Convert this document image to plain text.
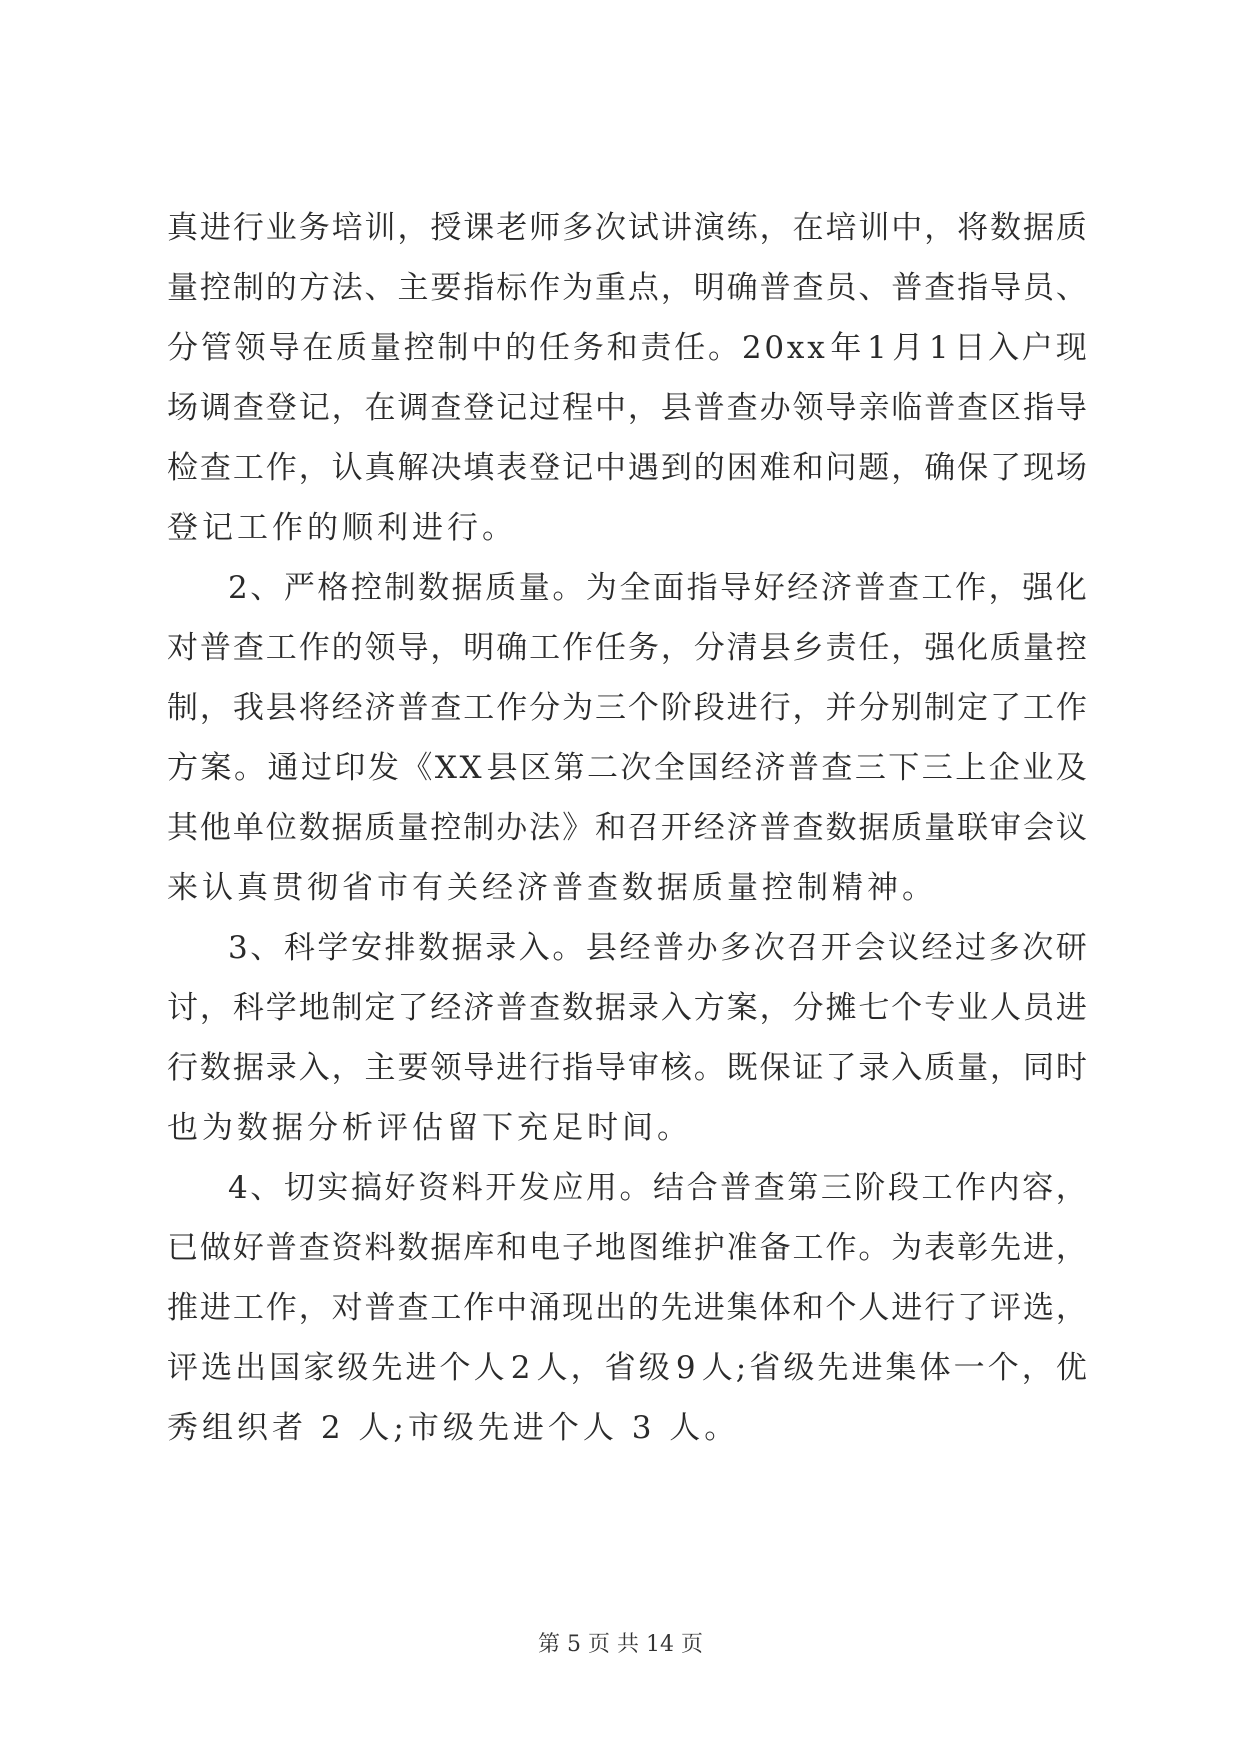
真 进 行 业 务 培 训 ， 授 课 老 师 多 次 试 讲 演 练 ， 在 培 训 中 ， 将 数 据 质
量 控 制 的 方 法 、 主 要 指 标 作 为 重 点 ， 明 确 普 查 员 、 普 查 指 导 员 、
分 管 领 导 在 质 量 控 制 中 的 任 务 和 责 任 。 2 0 x x 年 1 月 1 日 入 户 现
场 调 查 登 记 ， 在 调 查 登 记 过 程 中 ， 县 普 查 办 领 导 亲 临 普 查 区 指 导
检 查 工 作 ， 认 真 解 决 填 表 登 记 中 遇 到 的 困 难 和 问 题 ， 确 保 了 现 场
登记工作的顺利进行。
2 、 严 格 控 制 数 据 质 量 。 为 全 面 指 导 好 经 济 普 查 工 作 ， 强 化
对 普 查 工 作 的 领 导 ， 明 确 工 作 任 务 ， 分 清 县 乡 责 任 ， 强 化 质 量 控
制 ， 我 县 将 经 济 普 查 工 作 分 为 三 个 阶 段 进 行 ， 并 分 别 制 定 了 工 作
方 案 。 通 过 印 发 《 X X 县 区 第 二 次 全 国 经 济 普 查 三 下 三 上 企 业 及
其 他 单 位 数 据 质 量 控 制 办 法 》 和 召 开 经 济 普 查 数 据 质 量 联 审 会 议
来认真贯彻省市有关经济普查数据质量控制精神。
3 、 科 学 安 排 数 据 录 入 。 县 经 普 办 多 次 召 开 会 议 经 过 多 次 研
讨 ， 科 学 地 制 定 了 经 济 普 查 数 据 录 入 方 案 ， 分 摊 七 个 专 业 人 员 进
行 数 据 录 入 ， 主 要 领 导 进 行 指 导 审 核 。 既 保 证 了 录 入 质 量 ， 同 时
也为数据分析评估留下充足时间。
4 、 切 实 搞 好 资 料 开 发 应 用 。 结 合 普 查 第 三 阶 段 工 作 内 容 ，
已 做 好 普 查 资 料 数 据 库 和 电 子 地 图 维 护 准 备 工 作 。 为 表 彰 先 进 ，
推 进 工 作 ， 对 普 查 工 作 中 涌 现 出 的 先 进 集 体 和 个 人 进 行 了 评 选 ，
评 选 出 国 家 级 先 进 个 人 2 人 ， 省 级 9 人 ; 省 级 先 进 集 体 一 个 ， 优
秀组织者 2 人;市级先进个人 3 人。
第 5 页 共 14 页
